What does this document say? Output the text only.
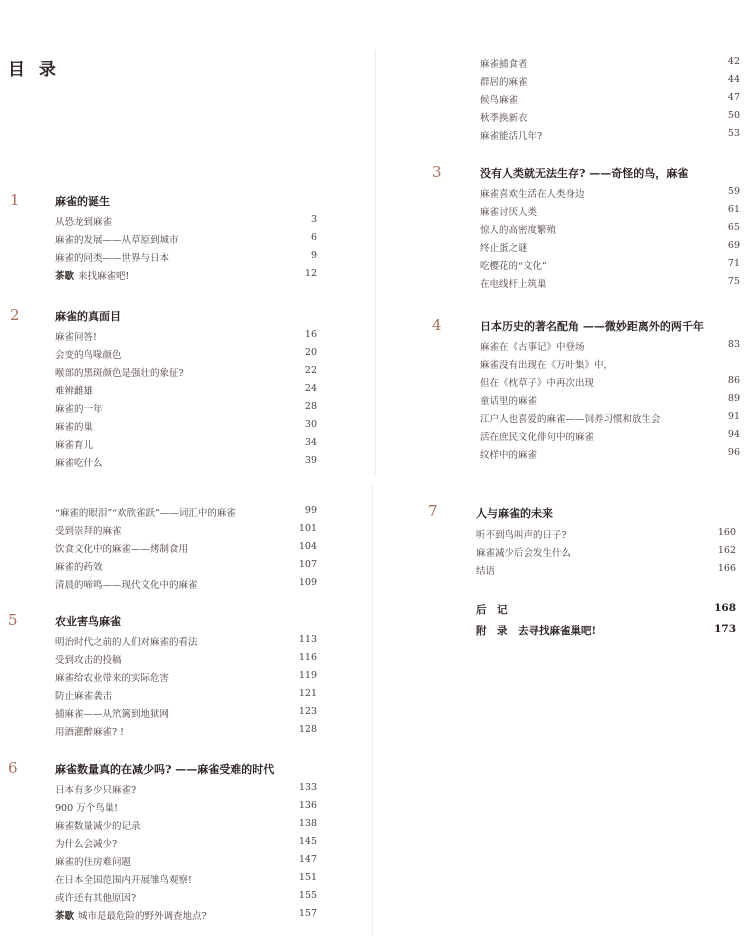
目 录
1	麻雀的诞生
从恐龙到麻雀	3
麻雀的发展——从草原到城市	6
麻雀的同类——世界与日本	9
茶歇 来找麻雀吧!	12
2	麻雀的真面目
麻雀问答!	16
会变的鸟喙颜色	20
喉部的黑斑颜色是强壮的象征?	22
难辨雌雄	24
麻雀的一年	28
麻雀的巢	30
麻雀育儿	34
麻雀吃什么	39
“麻雀的眼泪”“欢欣雀跃”——词汇中的麻雀	99
受到崇拜的麻雀	101
饮食文化中的麻雀——烤制食用	104
麻雀的药效	107
清晨的啼鸣——现代文化中的麻雀	109
5	农业害鸟麻雀
明治时代之前的人们对麻雀的看法	113
受到攻击的投稿	116
麻雀给农业带来的实际危害	119
防止麻雀袭击	121
捕麻雀——从笊篱到地狱网	123
用酒灌醉麻雀? !	128
6	麻雀数量真的在减少吗? ——麻雀受难的时代
日本有多少只麻雀?	133
900 万个鸟巢!	136
麻雀数量减少的记录	138
为什么会减少?	145
麻雀的住房难问题	147
在日本全国范围内开展雏鸟观察!	151
或许还有其他原因?	155
茶歇 城市是最危险的野外调查地点?	157
麻雀捕食者	42
群居的麻雀	44
候鸟麻雀	47
秋季换新衣	50
麻雀能活几年?	53
3	没有人类就无法生存? ——奇怪的鸟，麻雀
麻雀喜欢生活在人类身边	59
麻雀讨厌人类	61
惊人的高密度繁殖	65
终止蛋之谜	69
吃樱花的“文化”	71
在电线杆上筑巢	75
4	日本历史的著名配角 ——微妙距离外的两千年
麻雀在《古事记》中登场	83
麻雀没有出现在《万叶集》中，
但在《枕草子》中再次出现	86
童话里的麻雀	89
江户人也喜爱的麻雀——饲养习惯和放生会	91
活在庶民文化俳句中的麻雀	94
纹样中的麻雀	96
7	人与麻雀的未来
听不到鸟叫声的日子?	160
麻雀减少后会发生什么	162
结语	166
后　记	168
附　录　去寻找麻雀巢吧!	173
